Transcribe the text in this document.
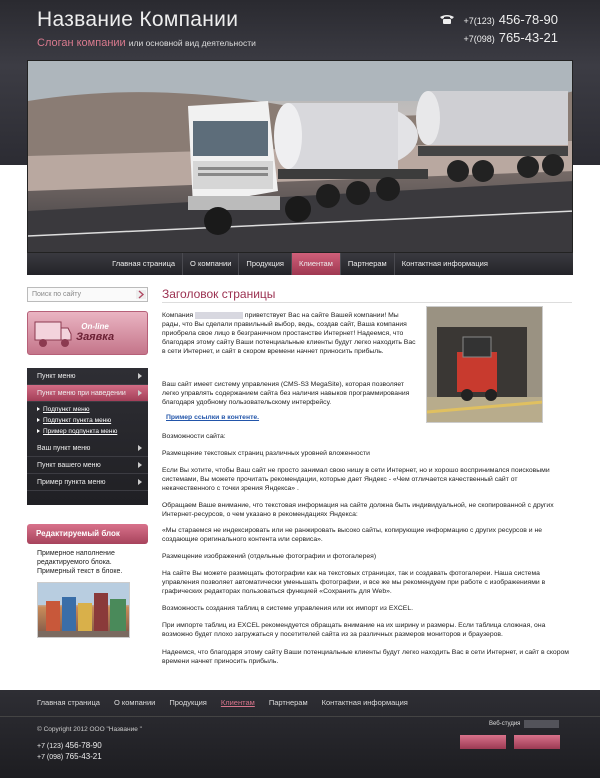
Название Компании
Слоган компании или основной вид деятельности
+7(123) 456-78-90
+7(098) 765-43-21
Главная страница	О компании	Продукция	Клиентам	Партнерам	Контактная информация
Поиск по сайту
On-line
Заявка
Пункт меню
Пункт меню при наведении
Подпункт меню
Подпункт пункта меню
Пример подпункта меню
Ваш пункт меню
Пункт вашего меню
Пример пункта меню
Редактируемый блок
Примерное наполнение редактируемого блока. Примерный текст в блоке.
Заголовок страницы
Компания	приветствует Вас на сайте Вашей компании! Мы рады, что Вы сделали правильный выбор, ведь, создав сайт, Ваша компания приобрела свое лицо в безграничном простанстве Интернет! Надеемся, что благодаря этому сайту Ваши потенциальные клиенты будут легко находить Вас в сети Интернет, и сайт в скором времени начнет приносить прибыль.
Ваш сайт имеет систему управления (CMS-S3 MegaSite), которая позволяет легко управлять содержанием сайта без наличия навыков программирования благодаря удобному пользовательскому интерфейсу.
Пример ссылки в контенте.
Возможности сайта:
Размещение текстовых страниц различных уровней вложенности
Если Вы хотите, чтобы Ваш сайт не просто занимал свою нишу в сети Интернет, но и хорошо воспринимался поисковыми системами, Вы можете прочитать рекомендации, которые дает Яндекс - «Чем отличается качественный сайт от некачественного с точки зрения Яндекса» .
Обращаем Ваше внимание, что текстовая информация на сайте должна быть индивидуальной, не скопированной с других Интернет-ресурсов, о чем указано в рекомендациях Яндекса:
«Мы стараемся не индексировать или не ранжировать высоко сайты, копирующие информацию с других ресурсов и не создающие оригинального контента или сервиса».
Размещение изображений (отдельные фотографии и фотогалерея)
На сайте Вы можете размещать фотографии как на текстовых страницах, так и создавать фотогалереи. Наша система управления позволяет автоматически уменьшать фотографии, и все же мы рекомендуем при работе с изображениями в графических редакторах пользоваться функцией «Сохранить для Web».
Возможность создания таблиц в системе управления или их импорт из EXCEL.
При импорте таблиц из EXCEL рекомендуется обращать внимание на их ширину и размеры. Если таблица сложная, она возможно будет плохо загружаться у посетителей сайта из за различных размеров мониторов и браузеров.
Надеемся, что благодаря этому сайту Ваши потенциальные клиенты будут легко находить Вас в сети Интернет, и сайт в скором времени начнет приносить прибыль.
Главная страница О компании Продукция Клиентам Партнерам Контактная информация
© Copyright 2012 ООО "Название "
+7 (123) 456-78-90
+7 (098) 765-43-21
Веб-студия
